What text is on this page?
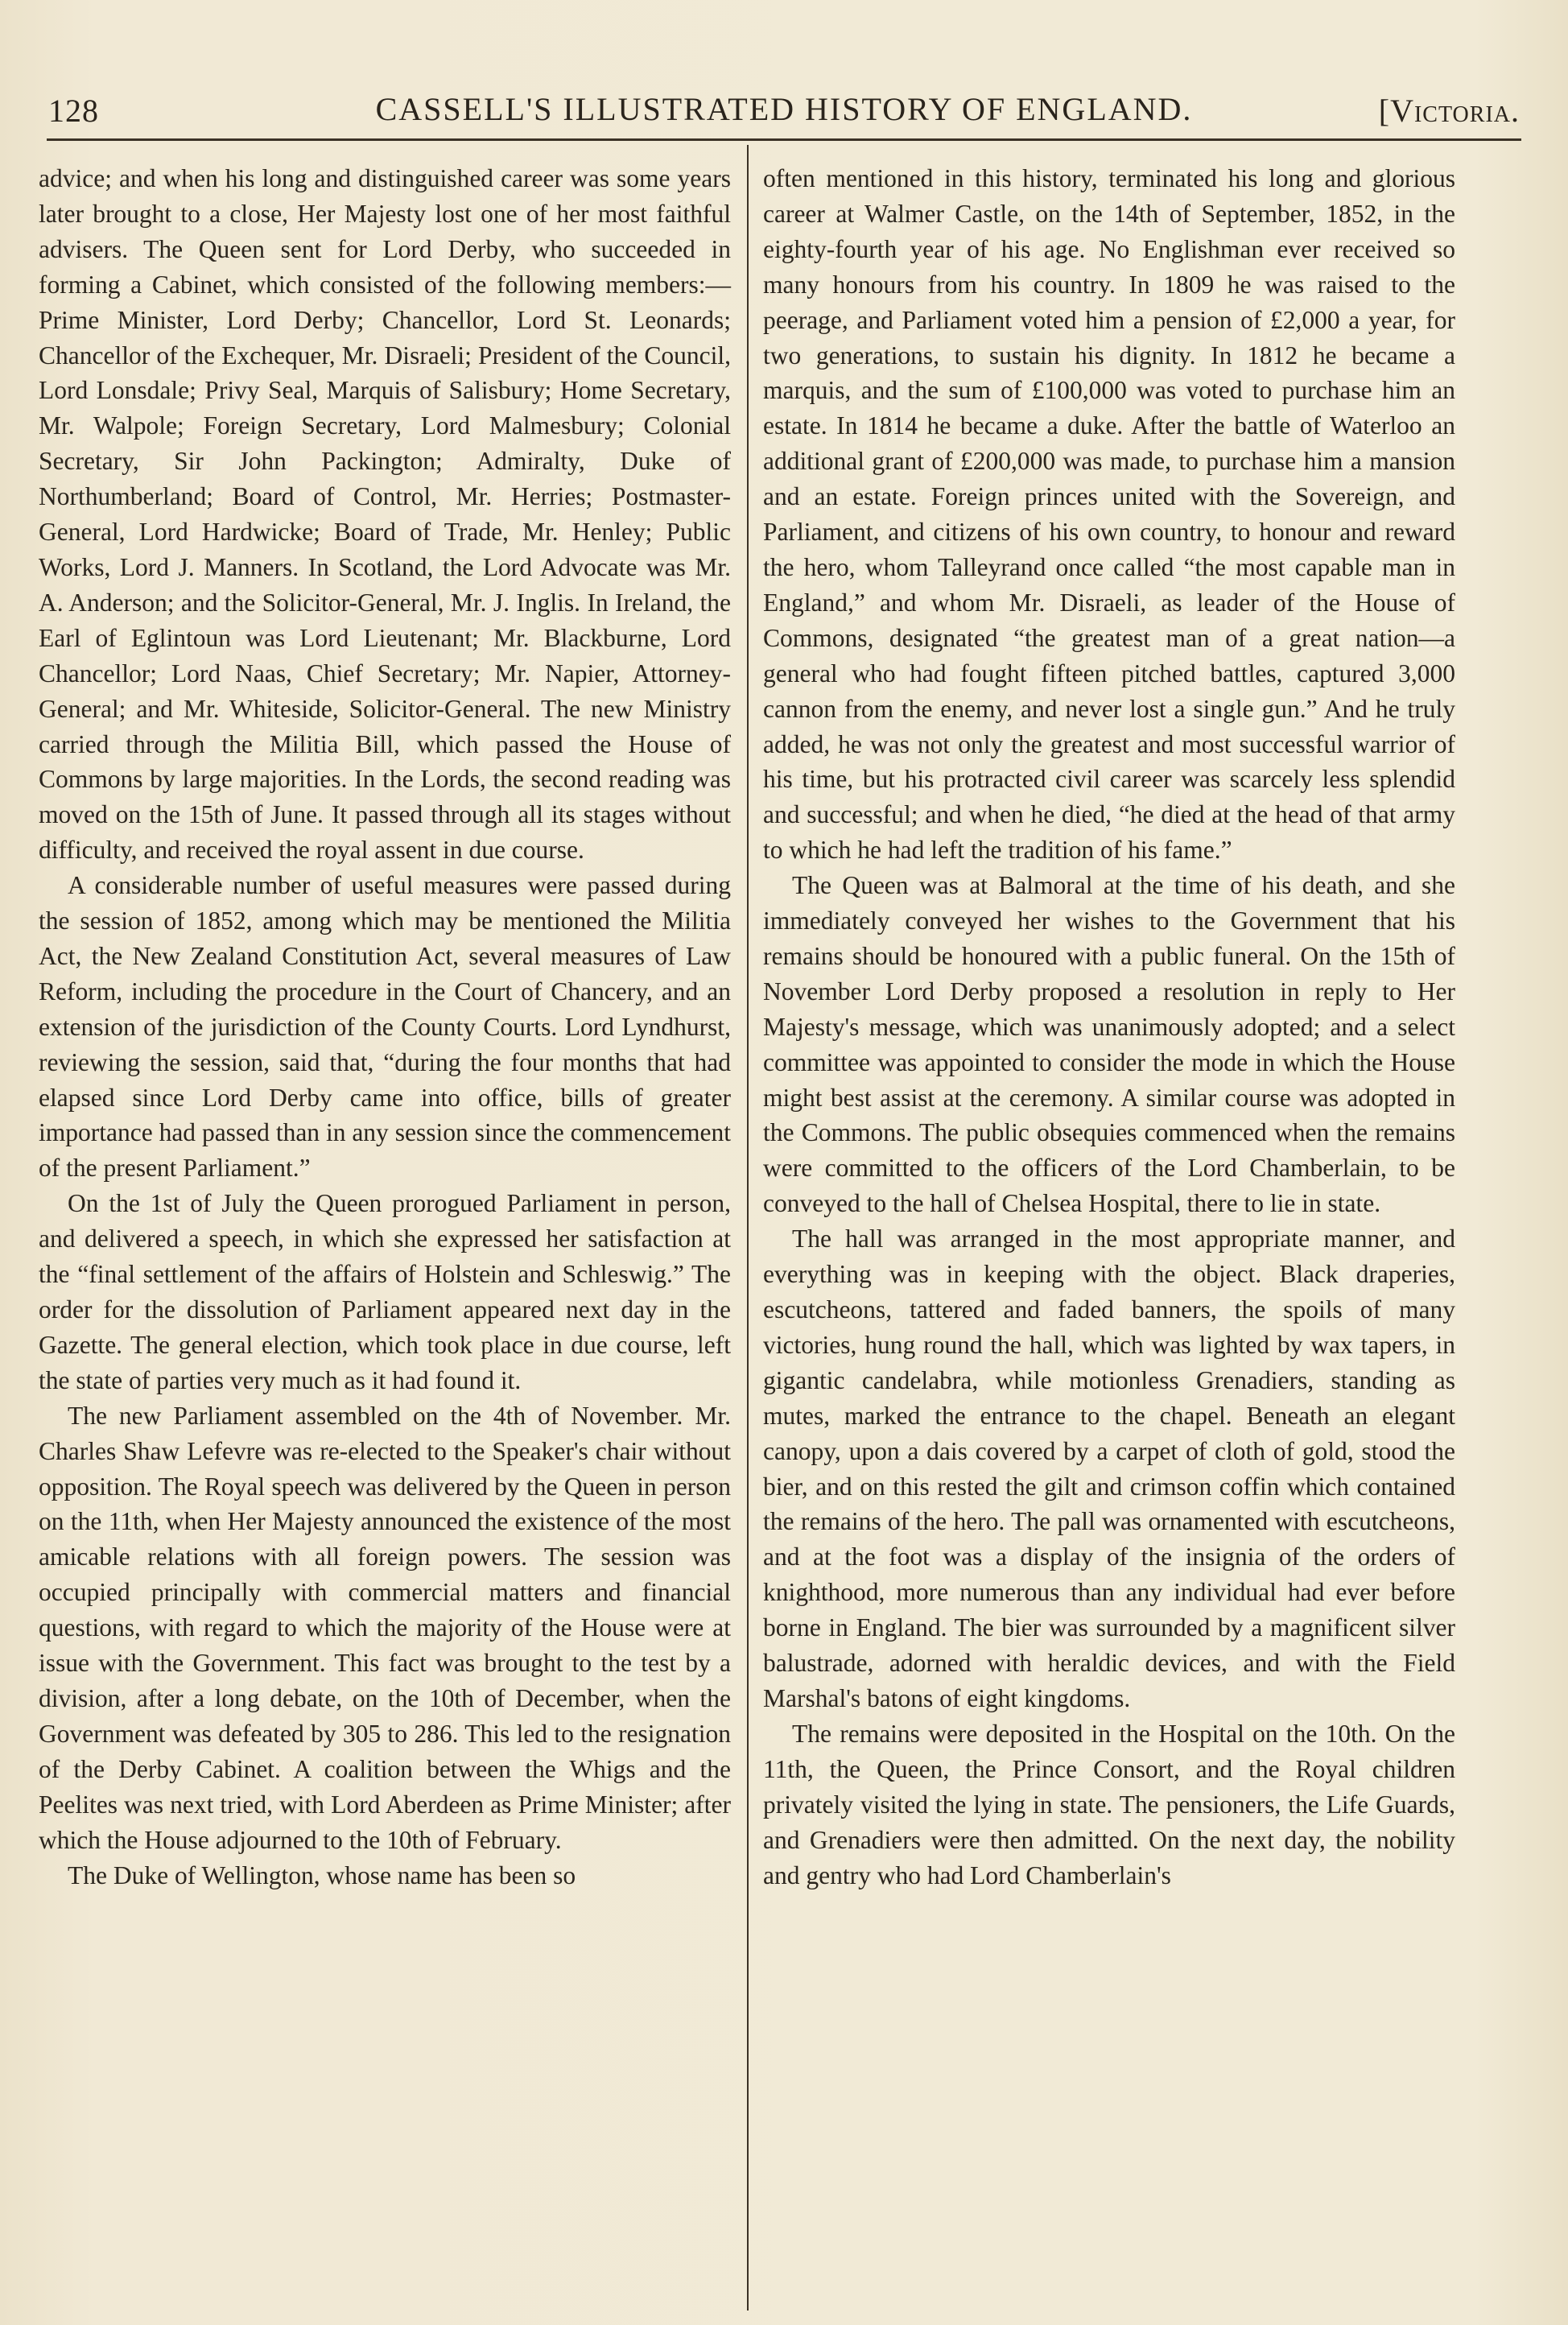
128	CASSELL'S ILLUSTRATED HISTORY OF ENGLAND.	[Victoria.

advice; and when his long and distinguished career was some years later brought to a close, Her Majesty lost one of her most faithful advisers. The Queen sent for Lord Derby, who succeeded in forming a Cabinet, which consisted of the following members:—Prime Minister, Lord Derby; Chancellor, Lord St. Leonards; Chancellor of the Exchequer, Mr. Disraeli; President of the Council, Lord Lonsdale; Privy Seal, Marquis of Salisbury; Home Secretary, Mr. Walpole; Foreign Secretary, Lord Malmesbury; Colonial Secretary, Sir John Packington; Admiralty, Duke of Northumberland; Board of Control, Mr. Herries; Postmaster-General, Lord Hardwicke; Board of Trade, Mr. Henley; Public Works, Lord J. Manners. In Scotland, the Lord Advocate was Mr. A. Anderson; and the Solicitor-General, Mr. J. Inglis. In Ireland, the Earl of Eglintoun was Lord Lieutenant; Mr. Blackburne, Lord Chancellor; Lord Naas, Chief Secretary; Mr. Napier, Attorney-General; and Mr. Whiteside, Solicitor-General. The new Ministry carried through the Militia Bill, which passed the House of Commons by large majorities. In the Lords, the second reading was moved on the 15th of June. It passed through all its stages without difficulty, and received the royal assent in due course.

A considerable number of useful measures were passed during the session of 1852, among which may be mentioned the Militia Act, the New Zealand Constitution Act, several measures of Law Reform, including the procedure in the Court of Chancery, and an extension of the jurisdiction of the County Courts. Lord Lyndhurst, reviewing the session, said that, “during the four months that had elapsed since Lord Derby came into office, bills of greater importance had passed than in any session since the commencement of the present Parliament.”

On the 1st of July the Queen prorogued Parliament in person, and delivered a speech, in which she expressed her satisfaction at the “final settlement of the affairs of Holstein and Schleswig.” The order for the dissolution of Parliament appeared next day in the Gazette. The general election, which took place in due course, left the state of parties very much as it had found it.

The new Parliament assembled on the 4th of November. Mr. Charles Shaw Lefevre was re-elected to the Speaker's chair without opposition. The Royal speech was delivered by the Queen in person on the 11th, when Her Majesty announced the existence of the most amicable relations with all foreign powers. The session was occupied principally with commercial matters and financial questions, with regard to which the majority of the House were at issue with the Government. This fact was brought to the test by a division, after a long debate, on the 10th of December, when the Government was defeated by 305 to 286. This led to the resignation of the Derby Cabinet. A coalition between the Whigs and the Peelites was next tried, with Lord Aberdeen as Prime Minister; after which the House adjourned to the 10th of February.

The Duke of Wellington, whose name has been so

often mentioned in this history, terminated his long and glorious career at Walmer Castle, on the 14th of September, 1852, in the eighty-fourth year of his age. No Englishman ever received so many honours from his country. In 1809 he was raised to the peerage, and Parliament voted him a pension of £2,000 a year, for two generations, to sustain his dignity. In 1812 he became a marquis, and the sum of £100,000 was voted to purchase him an estate. In 1814 he became a duke. After the battle of Waterloo an additional grant of £200,000 was made, to purchase him a mansion and an estate. Foreign princes united with the Sovereign, and Parliament, and citizens of his own country, to honour and reward the hero, whom Talleyrand once called “the most capable man in England,” and whom Mr. Disraeli, as leader of the House of Commons, designated “the greatest man of a great nation—a general who had fought fifteen pitched battles, captured 3,000 cannon from the enemy, and never lost a single gun.” And he truly added, he was not only the greatest and most successful warrior of his time, but his protracted civil career was scarcely less splendid and successful; and when he died, “he died at the head of that army to which he had left the tradition of his fame.”

The Queen was at Balmoral at the time of his death, and she immediately conveyed her wishes to the Government that his remains should be honoured with a public funeral. On the 15th of November Lord Derby proposed a resolution in reply to Her Majesty's message, which was unanimously adopted; and a select committee was appointed to consider the mode in which the House might best assist at the ceremony. A similar course was adopted in the Commons. The public obsequies commenced when the remains were committed to the officers of the Lord Chamberlain, to be conveyed to the hall of Chelsea Hospital, there to lie in state.

The hall was arranged in the most appropriate manner, and everything was in keeping with the object. Black draperies, escutcheons, tattered and faded banners, the spoils of many victories, hung round the hall, which was lighted by wax tapers, in gigantic candelabra, while motionless Grenadiers, standing as mutes, marked the entrance to the chapel. Beneath an elegant canopy, upon a dais covered by a carpet of cloth of gold, stood the bier, and on this rested the gilt and crimson coffin which contained the remains of the hero. The pall was ornamented with escutcheons, and at the foot was a display of the insignia of the orders of knighthood, more numerous than any individual had ever before borne in England. The bier was surrounded by a magnificent silver balustrade, adorned with heraldic devices, and with the Field Marshal's batons of eight kingdoms.

The remains were deposited in the Hospital on the 10th. On the 11th, the Queen, the Prince Consort, and the Royal children privately visited the lying in state. The pensioners, the Life Guards, and Grenadiers were then admitted. On the next day, the nobility and gentry who had Lord Chamberlain's
